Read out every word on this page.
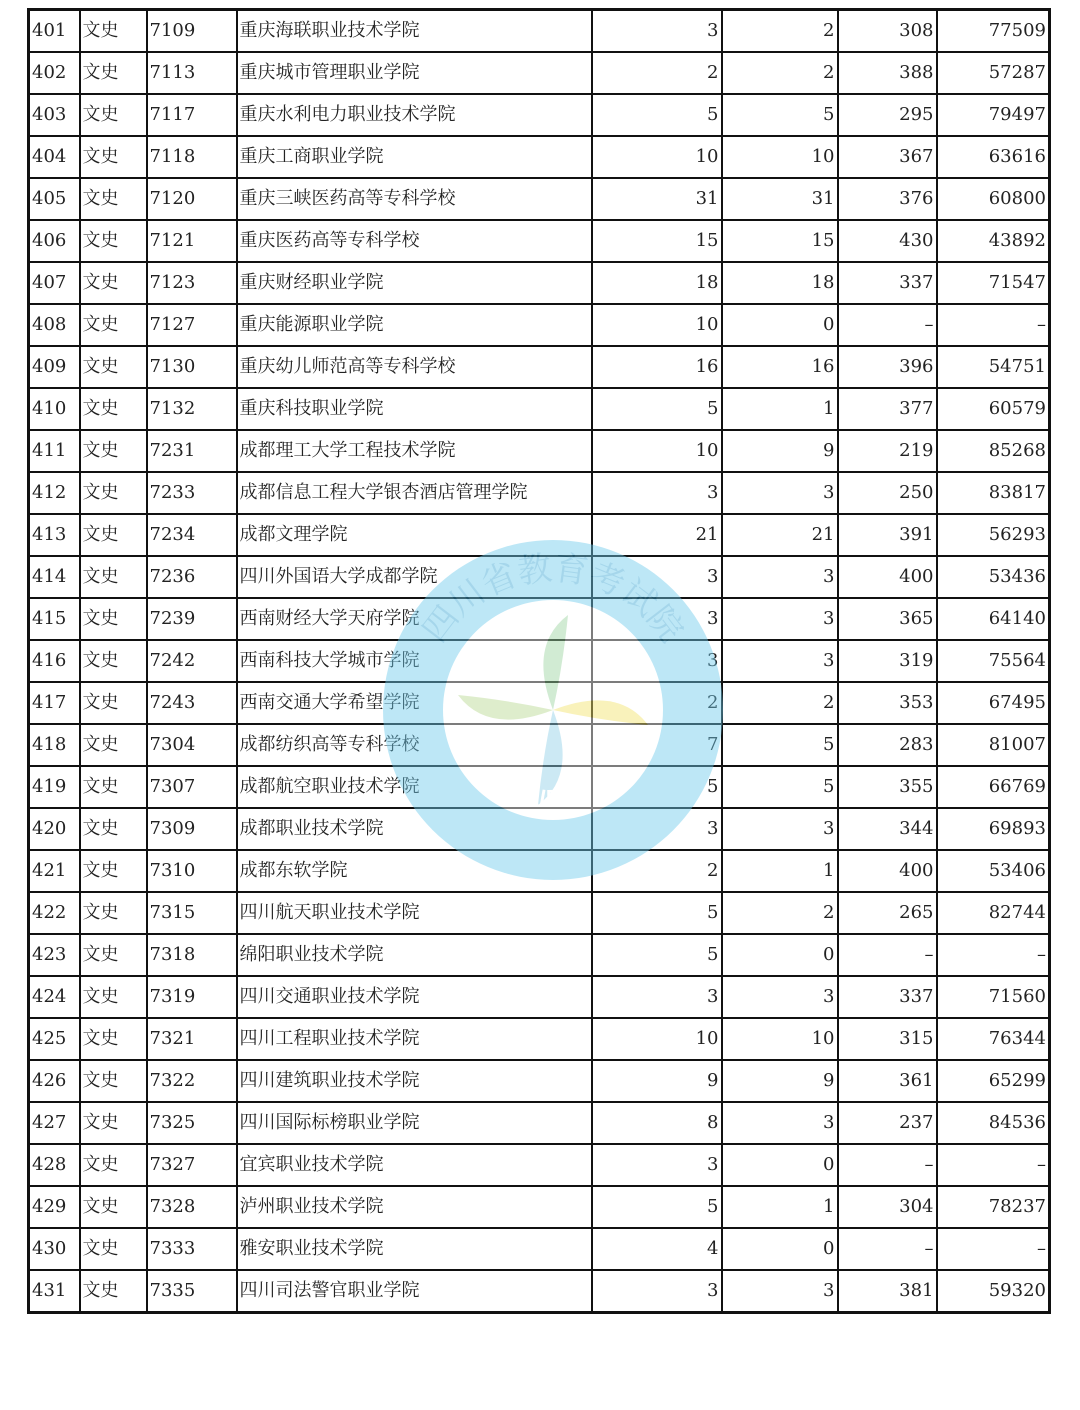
401	文史	7109	重庆海联职业技术学院	3	2	308	77509
402	文史	7113	重庆城市管理职业学院	2	2	388	57287
403	文史	7117	重庆水利电力职业技术学院	5	5	295	79497
404	文史	7118	重庆工商职业学院	10	10	367	63616
405	文史	7120	重庆三峡医药高等专科学校	31	31	376	60800
406	文史	7121	重庆医药高等专科学校	15	15	430	43892
407	文史	7123	重庆财经职业学院	18	18	337	71547
408	文史	7127	重庆能源职业学院	10	0	–	–
409	文史	7130	重庆幼儿师范高等专科学校	16	16	396	54751
410	文史	7132	重庆科技职业学院	5	1	377	60579
411	文史	7231	成都理工大学工程技术学院	10	9	219	85268
412	文史	7233	成都信息工程大学银杏酒店管理学院	3	3	250	83817
413	文史	7234	成都文理学院	21	21	391	56293
414	文史	7236	四川外国语大学成都学院	3	3	400	53436
415	文史	7239	西南财经大学天府学院	3	3	365	64140
416	文史	7242	西南科技大学城市学院	3	3	319	75564
417	文史	7243	西南交通大学希望学院	2	2	353	67495
418	文史	7304	成都纺织高等专科学校	7	5	283	81007
419	文史	7307	成都航空职业技术学院	5	5	355	66769
420	文史	7309	成都职业技术学院	3	3	344	69893
421	文史	7310	成都东软学院	2	1	400	53406
422	文史	7315	四川航天职业技术学院	5	2	265	82744
423	文史	7318	绵阳职业技术学院	5	0	–	–
424	文史	7319	四川交通职业技术学院	3	3	337	71560
425	文史	7321	四川工程职业技术学院	10	10	315	76344
426	文史	7322	四川建筑职业技术学院	9	9	361	65299
427	文史	7325	四川国际标榜职业学院	8	3	237	84536
428	文史	7327	宜宾职业技术学院	3	0	–	–
429	文史	7328	泸州职业技术学院	5	1	304	78237
430	文史	7333	雅安职业技术学院	4	0	–	–
431	文史	7335	四川司法警官职业学院	3	3	381	59320
四川省教育考试院
SNEEA
